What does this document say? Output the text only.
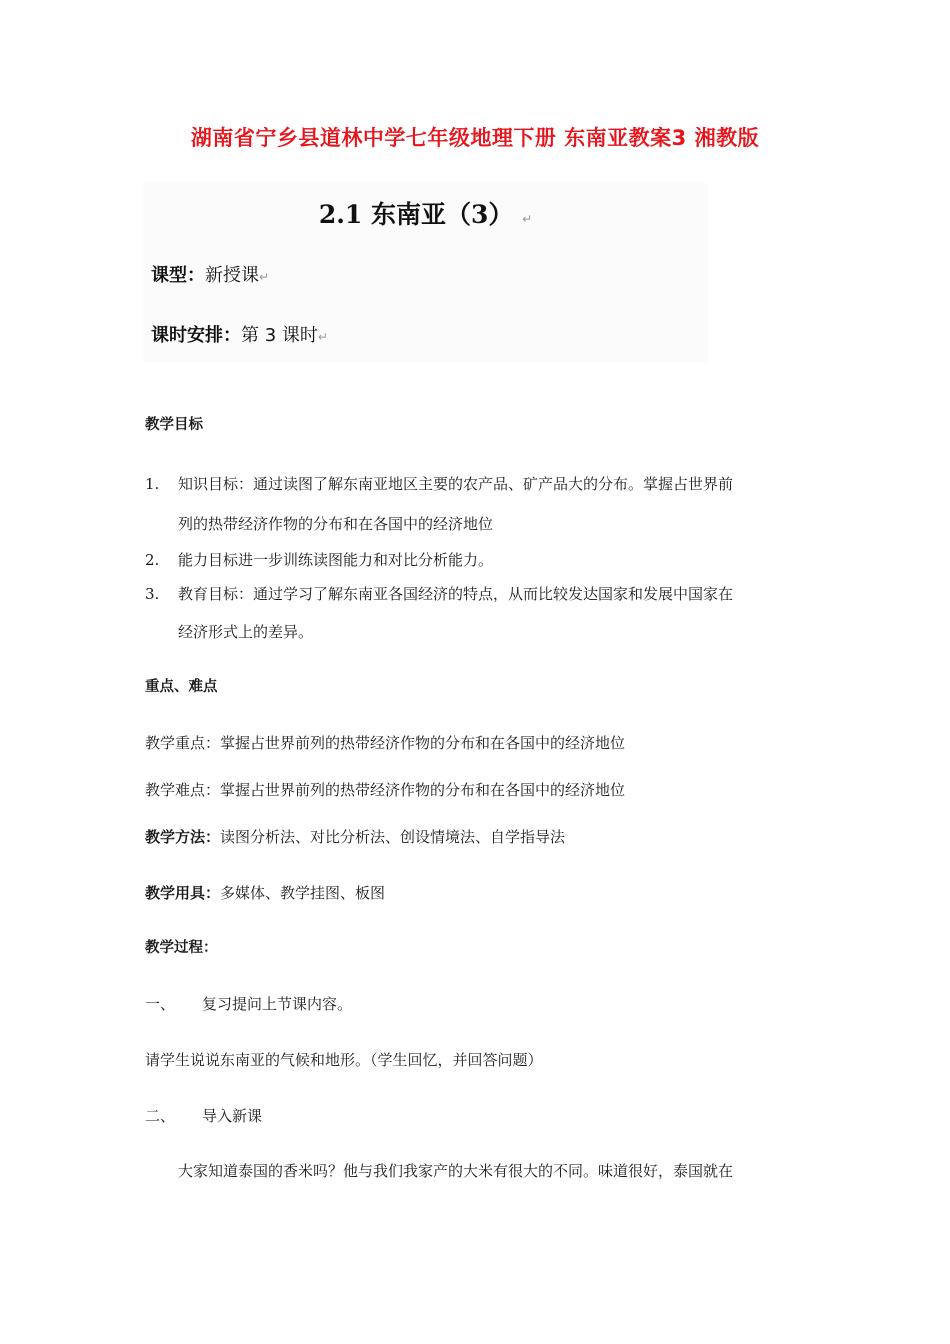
湖南省宁乡县道林中学七年级地理下册 东南亚教案3 湘教版
2.1 东南亚（3） ↵
课型：新授课↵
课时安排：第 3 课时↵
教学目标
1. 知识目标：通过读图了解东南亚地区主要的农产品、矿产品大的分布。掌握占世界前
列的热带经济作物的分布和在各国中的经济地位
2. 能力目标进一步训练读图能力和对比分析能力。
3. 教育目标：通过学习了解东南亚各国经济的特点，从而比较发达国家和发展中国家在
经济形式上的差异。
重点、难点
教学重点：掌握占世界前列的热带经济作物的分布和在各国中的经济地位
教学难点：掌握占世界前列的热带经济作物的分布和在各国中的经济地位
教学方法：读图分析法、对比分析法、创设情境法、自学指导法
教学用具：多媒体、教学挂图、板图
教学过程：
一、 复习提问上节课内容。
请学生说说东南亚的气候和地形。（学生回忆，并回答问题）
二、 导入新课
大家知道泰国的香米吗？他与我们我家产的大米有很大的不同。味道很好，泰国就在
